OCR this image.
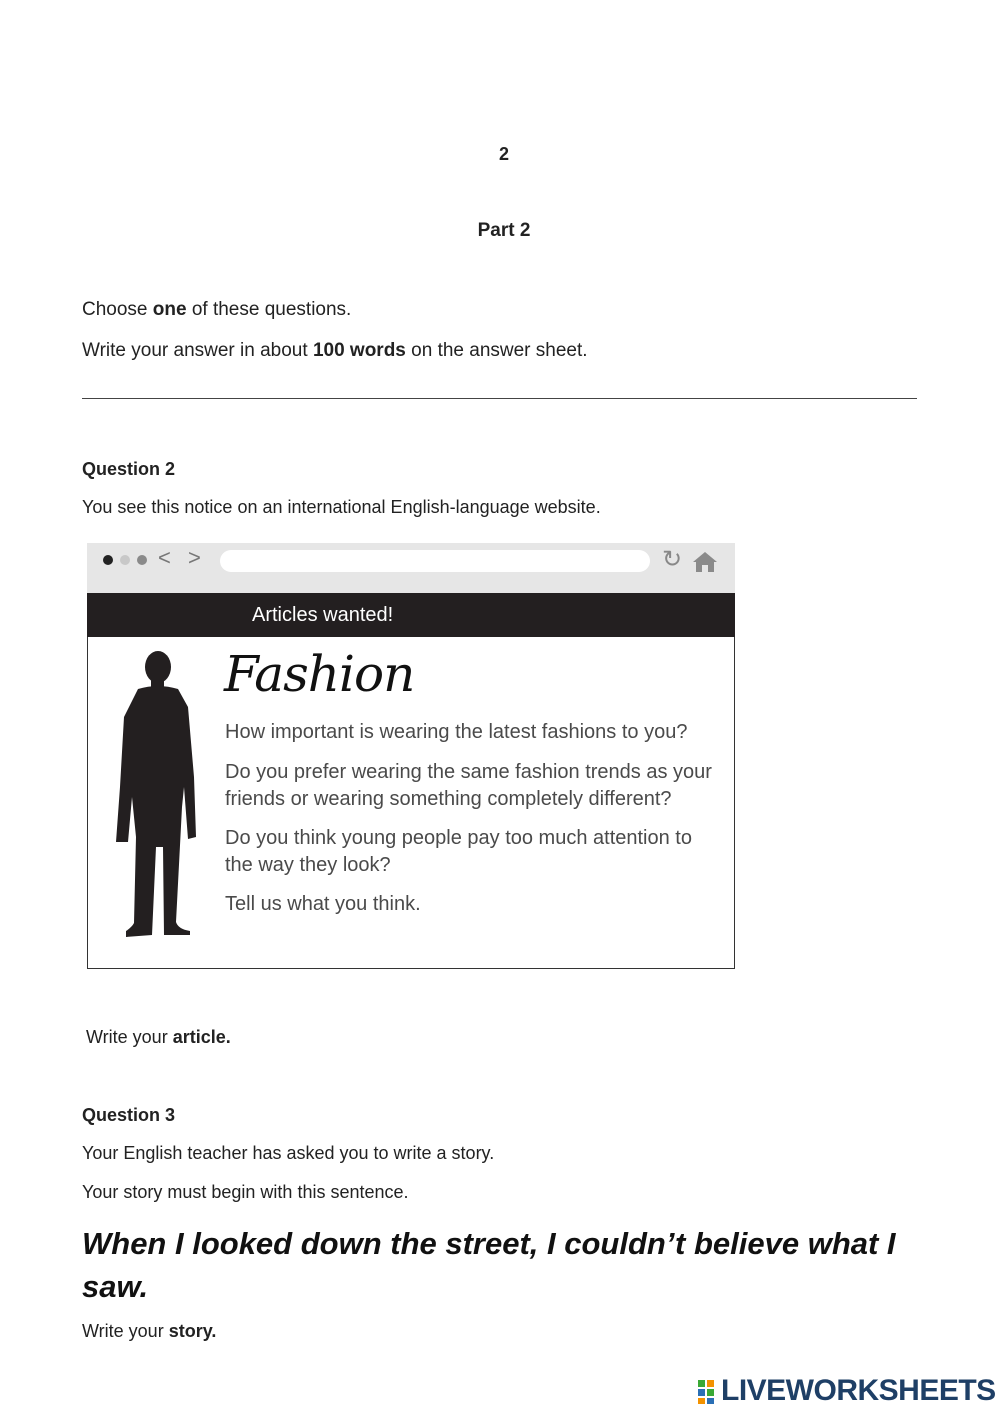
2
Part 2
Choose one of these questions.
Write your answer in about 100 words on the answer sheet.
Question 2
You see this notice on an international English-language website.
< >	↻
Articles wanted!
Fashion
How important is wearing the latest fashions to you?
Do you prefer wearing the same fashion trends as your friends or wearing something completely different?
Do you think young people pay too much attention to the way they look?
Tell us what you think.
Write your article.
Question 3
Your English teacher has asked you to write a story.
Your story must begin with this sentence.
When I looked down the street, I couldn’t believe what I saw.
Write your story.
LIVEWORKSHEETS
